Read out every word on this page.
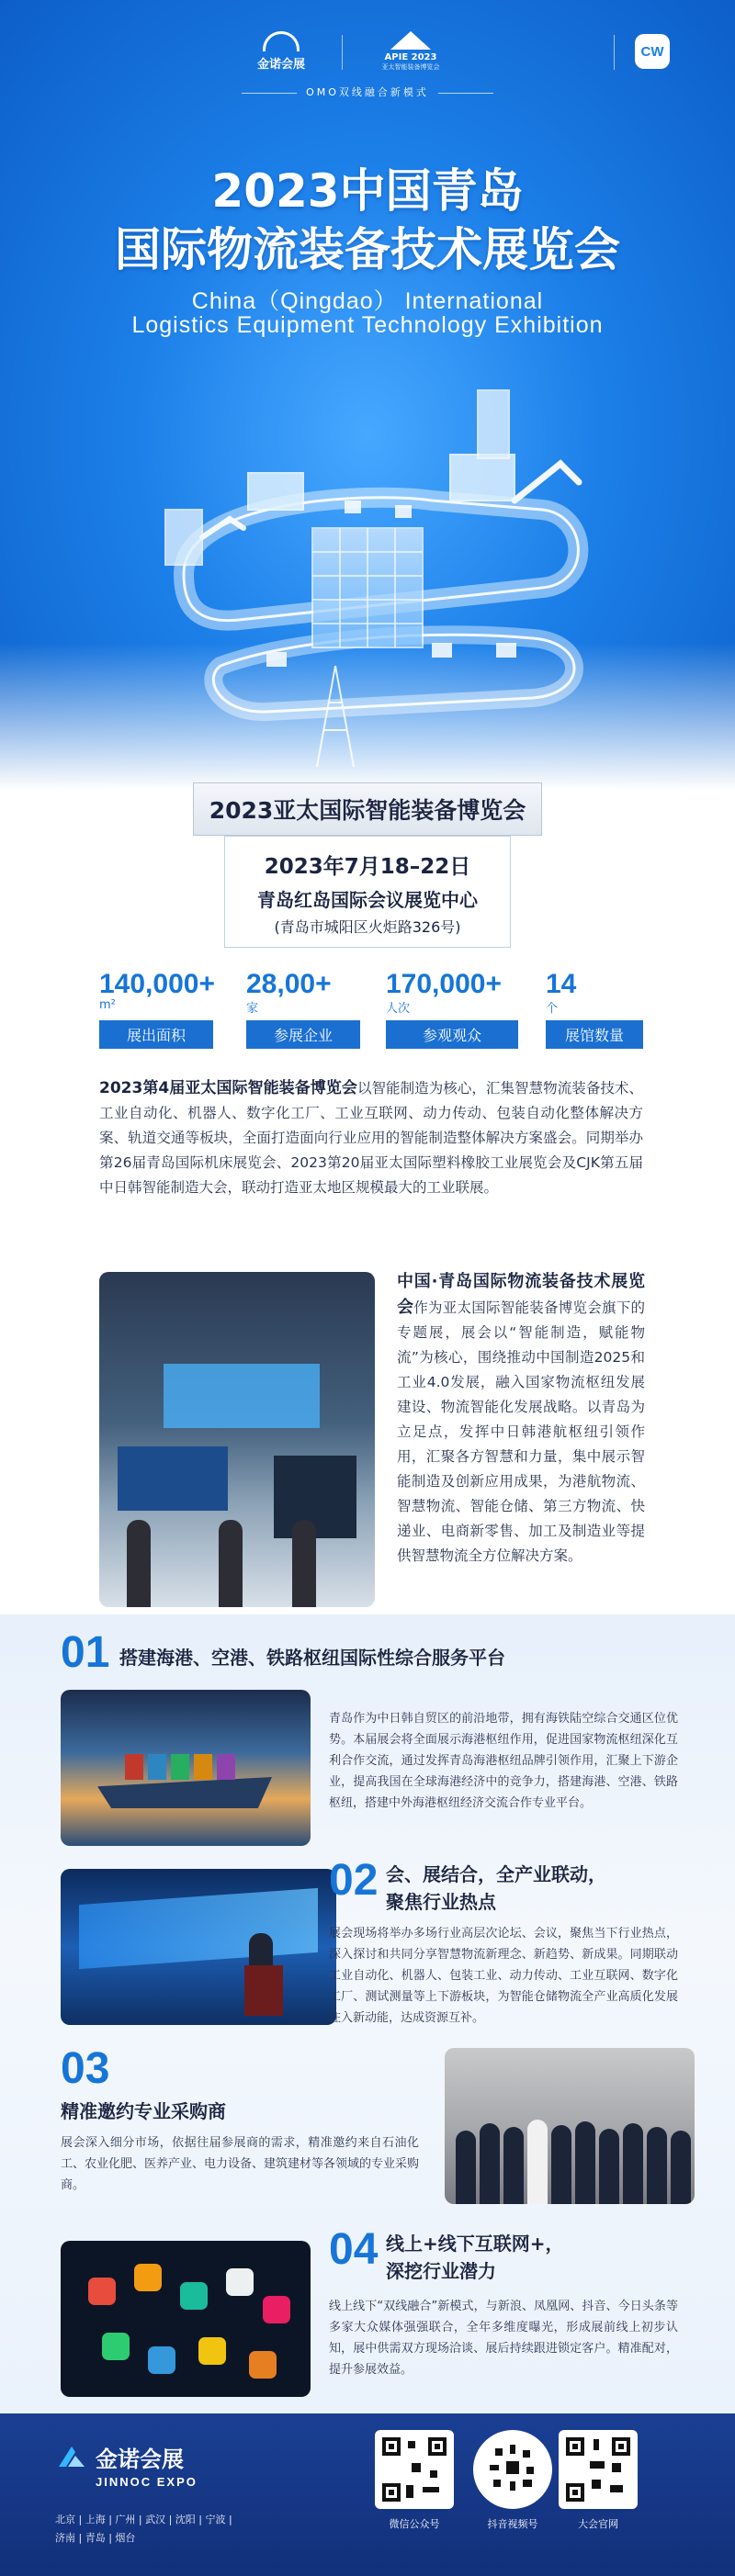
金诺会展
APIE 2023
亚太智能装备博览会
CW
OMO双线融合新模式
2023中国青岛
国际物流装备技术展览会
China（Qingdao） International
Logistics Equipment Technology Exhibition
2023亚太国际智能装备博览会
2023年7月18–22日
青岛红岛国际会议展览中心
(青岛市城阳区火炬路326号)
140,000+
m²
展出面积
28,00+
家
参展企业
170,000+
人次
参观观众
14
个
展馆数量

2023第4届亚太国际智能装备博览会以智能制造为核心，汇集智慧物流装备技术、工业自动化、机器人、数字化工厂、工业互联网、动力传动、包装自动化整体解决方案、轨道交通等板块，全面打造面向行业应用的智能制造整体解决方案盛会。同期举办第26届青岛国际机床展览会、2023第20届亚太国际塑料橡胶工业展览会及CJK第五届中日韩智能制造大会，联动打造亚太地区规模最大的工业联展。

中国·青岛国际物流装备技术展览会作为亚太国际智能装备博览会旗下的专题展，展会以“智能制造，赋能物流”为核心，围绕推动中国制造2025和工业4.0发展，融入国家物流枢纽发展建设、物流智能化发展战略。以青岛为立足点，发挥中日韩港航枢纽引领作用，汇聚各方智慧和力量，集中展示智能制造及创新应用成果，为港航物流、智慧物流、智能仓储、第三方物流、快递业、电商新零售、加工及制造业等提供智慧物流全方位解决方案。

01 搭建海港、空港、铁路枢纽国际性综合服务平台
青岛作为中日韩自贸区的前沿地带，拥有海铁陆空综合交通区位优势。本届展会将全面展示海港枢纽作用，促进国家物流枢纽深化互利合作交流，通过发挥青岛海港枢纽品牌引领作用，汇聚上下游企业，提高我国在全球海港经济中的竞争力，搭建海港、空港、铁路枢纽，搭建中外海港枢纽经济交流合作专业平台。
02 会、展结合，全产业联动，
聚焦行业热点
展会现场将举办多场行业高层次论坛、会议，聚焦当下行业热点，深入探讨和共同分享智慧物流新理念、新趋势、新成果。同期联动工业自动化、机器人、包装工业、动力传动、工业互联网、数字化工厂、测试测量等上下游板块，为智能仓储物流全产业高质化发展注入新动能，达成资源互补。
03
精准邀约专业采购商
展会深入细分市场，依据往届参展商的需求，精准邀约来自石油化工、农业化肥、医养产业、电力设备、建筑建材等各领域的专业采购商。
04 线上+线下互联网+，
深挖行业潜力
线上线下“双线融合”新模式，与新浪、凤凰网、抖音、今日头条等多家大众媒体强强联合，全年多维度曝光，形成展前线上初步认知，展中供需双方现场洽谈、展后持续跟进锁定客户。精准配对，提升参展效益。
金诺会展
JINNOC EXPO
北京 | 上海 | 广州 | 武汉 | 沈阳 | 宁波 |
济南 | 青岛 | 烟台
微信公众号	抖音视频号	大会官网
